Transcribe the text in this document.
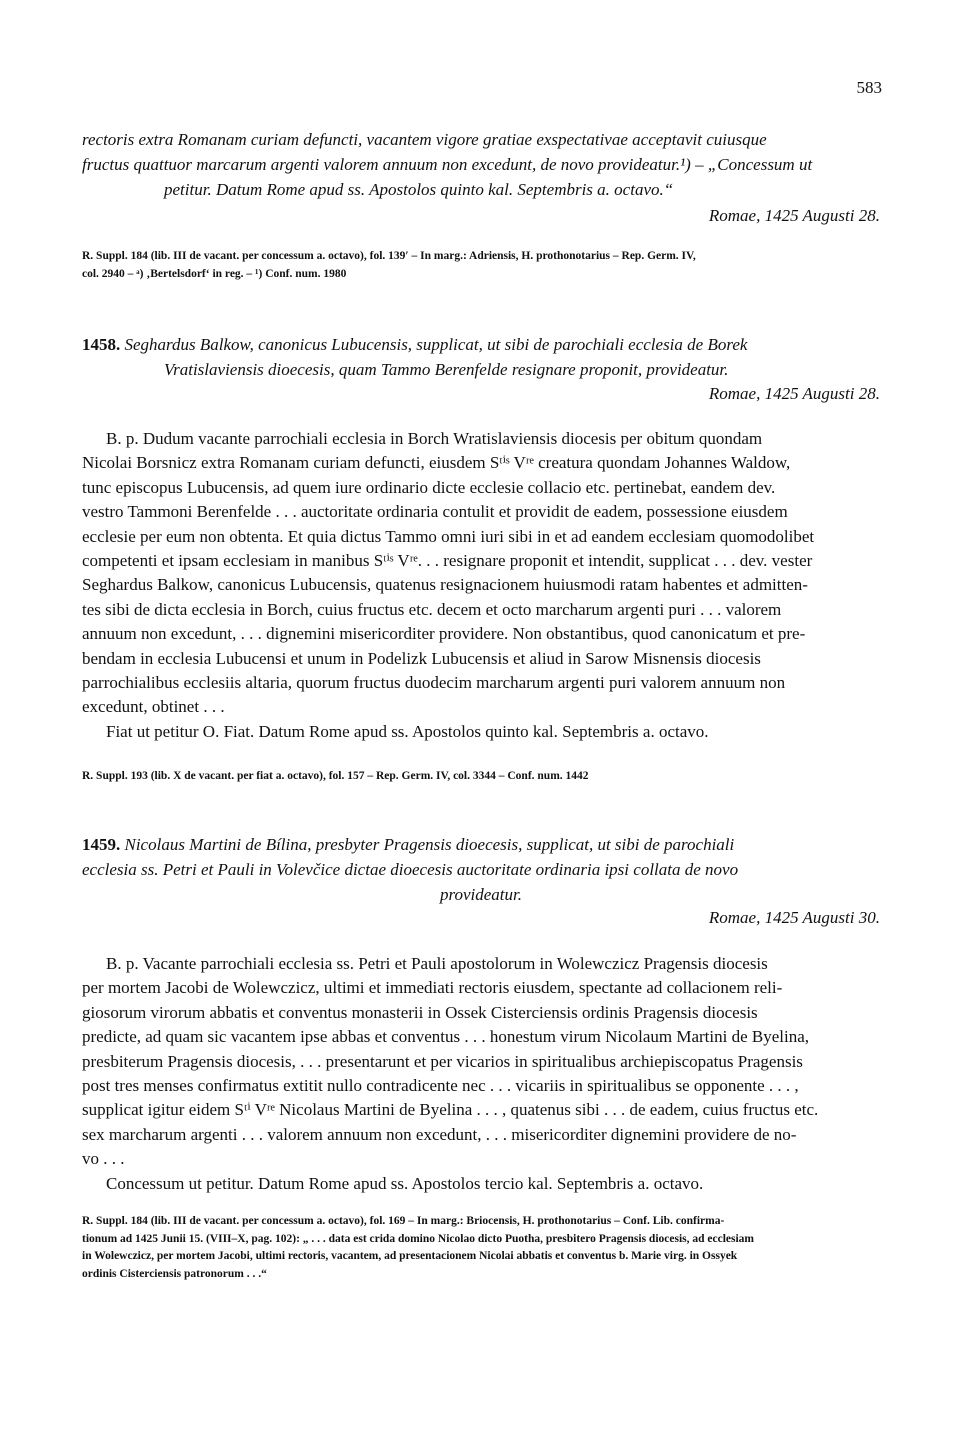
583

rectoris extra Romanam curiam defuncti, vacantem vigore gratiae exspectativae acceptavit cuiusque

fructus quattuor marcarum argenti valorem annuum non excedunt, de novo provideatur.¹) – „Concessum ut

petitur. Datum Rome apud ss. Apostolos quinto kal. Septembris a. octavo.“

Romae, 1425 Augusti 28.

R. Suppl. 184 (lib. III de vacant. per concessum a. octavo), fol. 139′ – In marg.: Adriensis, H. prothonotarius – Rep. Germ. IV,

col. 2940 – ᵃ) ‚Bertelsdorf‘ in reg. – ¹) Conf. num. 1980

1458. Seghardus Balkow, canonicus Lubucensis, supplicat, ut sibi de parochiali ecclesia de Borek

Vratislaviensis dioecesis, quam Tammo Berenfelde resignare proponit, provideatur.

Romae, 1425 Augusti 28.

B. p. Dudum vacante parrochiali ecclesia in Borch Wratislaviensis diocesis per obitum quondam

Nicolai Borsnicz extra Romanam curiam defuncti, eiusdem Sᵗⁱˢ Vʳᵉ creatura quondam Johannes Waldow,

tunc episcopus Lubucensis, ad quem iure ordinario dicte ecclesie collacio etc. pertinebat, eandem dev.

vestro Tammoni Berenfelde . . . auctoritate ordinaria contulit et providit de eadem, possessione eiusdem

ecclesie per eum non obtenta. Et quia dictus Tammo omni iuri sibi in et ad eandem ecclesiam quomodolibet

competenti et ipsam ecclesiam in manibus Sᵗⁱˢ Vʳᵉ. . . resignare proponit et intendit, supplicat . . . dev. vester

Seghardus Balkow, canonicus Lubucensis, quatenus resignacionem huiusmodi ratam habentes et admitten-

tes sibi de dicta ecclesia in Borch, cuius fructus etc. decem et octo marcharum argenti puri . . . valorem

annuum non excedunt, . . . dignemini misericorditer providere. Non obstantibus, quod canonicatum et pre-

bendam in ecclesia Lubucensi et unum in Podelizk Lubucensis et aliud in Sarow Misnensis diocesis

parrochialibus ecclesiis altaria, quorum fructus duodecim marcharum argenti puri valorem annuum non

excedunt, obtinet . . .

Fiat ut petitur O. Fiat. Datum Rome apud ss. Apostolos quinto kal. Septembris a. octavo.

R. Suppl. 193 (lib. X de vacant. per fiat a. octavo), fol. 157 – Rep. Germ. IV, col. 3344 – Conf. num. 1442

1459. Nicolaus Martini de Bílina, presbyter Pragensis dioecesis, supplicat, ut sibi de parochiali

ecclesia ss. Petri et Pauli in Volevčice dictae dioecesis auctoritate ordinaria ipsi collata de novo

provideatur.

Romae, 1425 Augusti 30.

B. p. Vacante parrochiali ecclesia ss. Petri et Pauli apostolorum in Wolewczicz Pragensis diocesis

per mortem Jacobi de Wolewczicz, ultimi et immediati rectoris eiusdem, spectante ad collacionem reli-

giosorum virorum abbatis et conventus monasterii in Ossek Cisterciensis ordinis Pragensis diocesis

predicte, ad quam sic vacantem ipse abbas et conventus . . . honestum virum Nicolaum Martini de Byelina,

presbiterum Pragensis diocesis, . . . presentarunt et per vicarios in spiritualibus archiepiscopatus Pragensis

post tres menses confirmatus extitit nullo contradicente nec . . . vicariis in spiritualibus se opponente . . . ,

supplicat igitur eidem Sᵗⁱ Vʳᵉ Nicolaus Martini de Byelina . . . , quatenus sibi . . . de eadem, cuius fructus etc.

sex marcharum argenti . . . valorem annuum non excedunt, . . . misericorditer dignemini providere de no-

vo . . .

Concessum ut petitur. Datum Rome apud ss. Apostolos tercio kal. Septembris a. octavo.

R. Suppl. 184 (lib. III de vacant. per concessum a. octavo), fol. 169 – In marg.: Briocensis, H. prothonotarius – Conf. Lib. confirma-

tionum ad 1425 Junii 15. (VIII–X, pag. 102): „ . . . data est crida domino Nicolao dicto Puotha, presbitero Pragensis diocesis, ad ecclesiam

in Wolewczicz, per mortem Jacobi, ultimi rectoris, vacantem, ad presentacionem Nicolai abbatis et conventus b. Marie virg. in Ossyek

ordinis Cisterciensis patronorum . . .“
